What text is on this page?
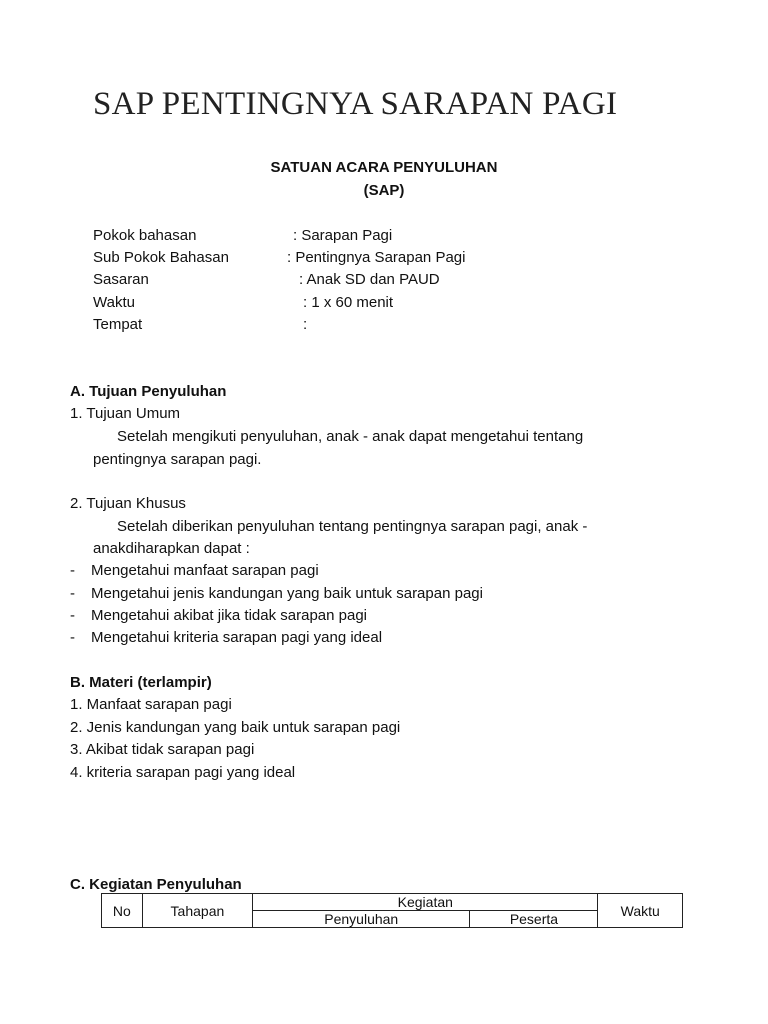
SAP PENTINGNYA SARAPAN PAGI
SATUAN ACARA PENYULUHAN
(SAP)
Pokok bahasan	: Sarapan Pagi
Sub Pokok Bahasan	: Pentingnya Sarapan Pagi
Sasaran	: Anak SD dan PAUD
Waktu	: 1 x 60 menit
Tempat	:
A. Tujuan Penyuluhan
1. Tujuan Umum
Setelah mengikuti penyuluhan, anak - anak dapat mengetahui tentang
pentingnya sarapan pagi.
2. Tujuan Khusus
Setelah diberikan penyuluhan tentang pentingnya sarapan pagi, anak -
anakdiharapkan dapat :
- Mengetahui manfaat sarapan pagi
- Mengetahui jenis kandungan yang baik untuk sarapan pagi
- Mengetahui akibat jika tidak sarapan pagi
- Mengetahui kriteria sarapan pagi yang ideal
B. Materi (terlampir)
1. Manfaat sarapan pagi
2. Jenis kandungan yang baik untuk sarapan pagi
3. Akibat tidak sarapan pagi
4. kriteria sarapan pagi yang ideal
C. Kegiatan Penyuluhan
No	Tahapan	Kegiatan		Waktu
		Penyuluhan	Peserta	
